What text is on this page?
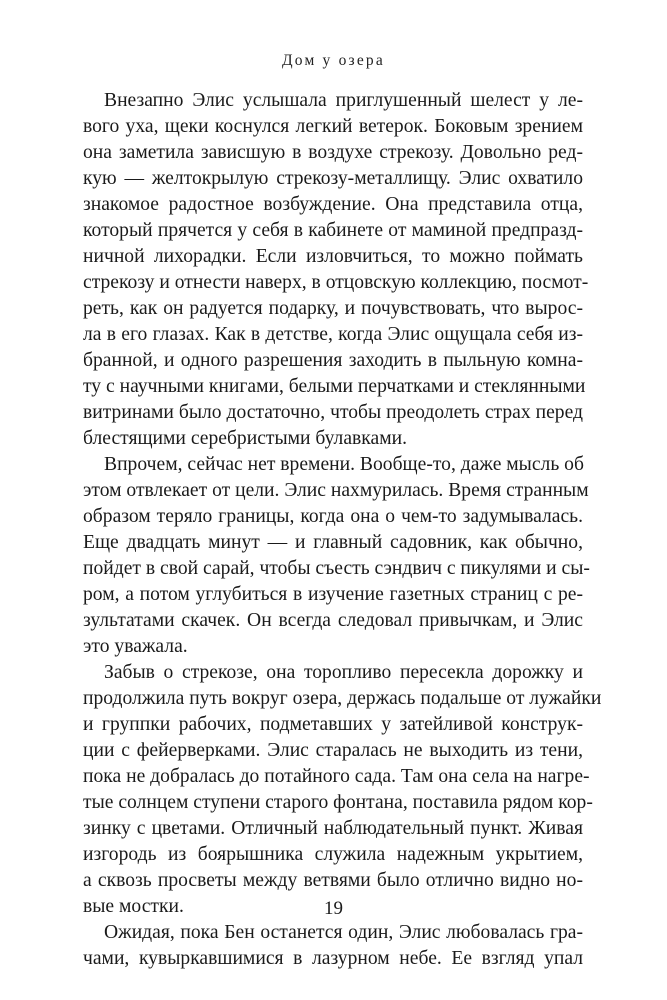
Дом у озера
Внезапно Элис услышала приглушенный шелест у ле-
вого уха, щеки коснулся легкий ветерок. Боковым зрением
она заметила зависшую в воздухе стрекозу. Довольно ред-
кую — желтокрылую стрекозу-металлищу. Элис охватило
знакомое радостное возбуждение. Она представила отца,
который прячется у себя в кабинете от маминой предпразд-
ничной лихорадки. Если изловчиться, то можно поймать
стрекозу и отнести наверх, в отцовскую коллекцию, посмот-
реть, как он радуется подарку, и почувствовать, что вырос-
ла в его глазах. Как в детстве, когда Элис ощущала себя из-
бранной, и одного разрешения заходить в пыльную комна-
ту с научными книгами, белыми перчатками и стеклянными
витринами было достаточно, чтобы преодолеть страх перед
блестящими серебристыми булавками.
Впрочем, сейчас нет времени. Вообще-то, даже мысль об
этом отвлекает от цели. Элис нахмурилась. Время странным
образом теряло границы, когда она о чем-то задумывалась.
Еще двадцать минут — и главный садовник, как обычно,
пойдет в свой сарай, чтобы съесть сэндвич с пикулями и сы-
ром, а потом углубиться в изучение газетных страниц с ре-
зультатами скачек. Он всегда следовал привычкам, и Элис
это уважала.
Забыв о стрекозе, она торопливо пересекла дорожку и
продолжила путь вокруг озера, держась подальше от лужайки
и группки рабочих, подметавших у затейливой конструк-
ции с фейерверками. Элис старалась не выходить из тени,
пока не добралась до потайного сада. Там она села на нагре-
тые солнцем ступени старого фонтана, поставила рядом кор-
зинку с цветами. Отличный наблюдательный пункт. Живая
изгородь из боярышника служила надежным укрытием,
а сквозь просветы между ветвями было отлично видно но-
вые мостки.
Ожидая, пока Бен останется один, Элис любовалась гра-
чами, кувыркавшимися в лазурном небе. Ее взгляд упал
19
